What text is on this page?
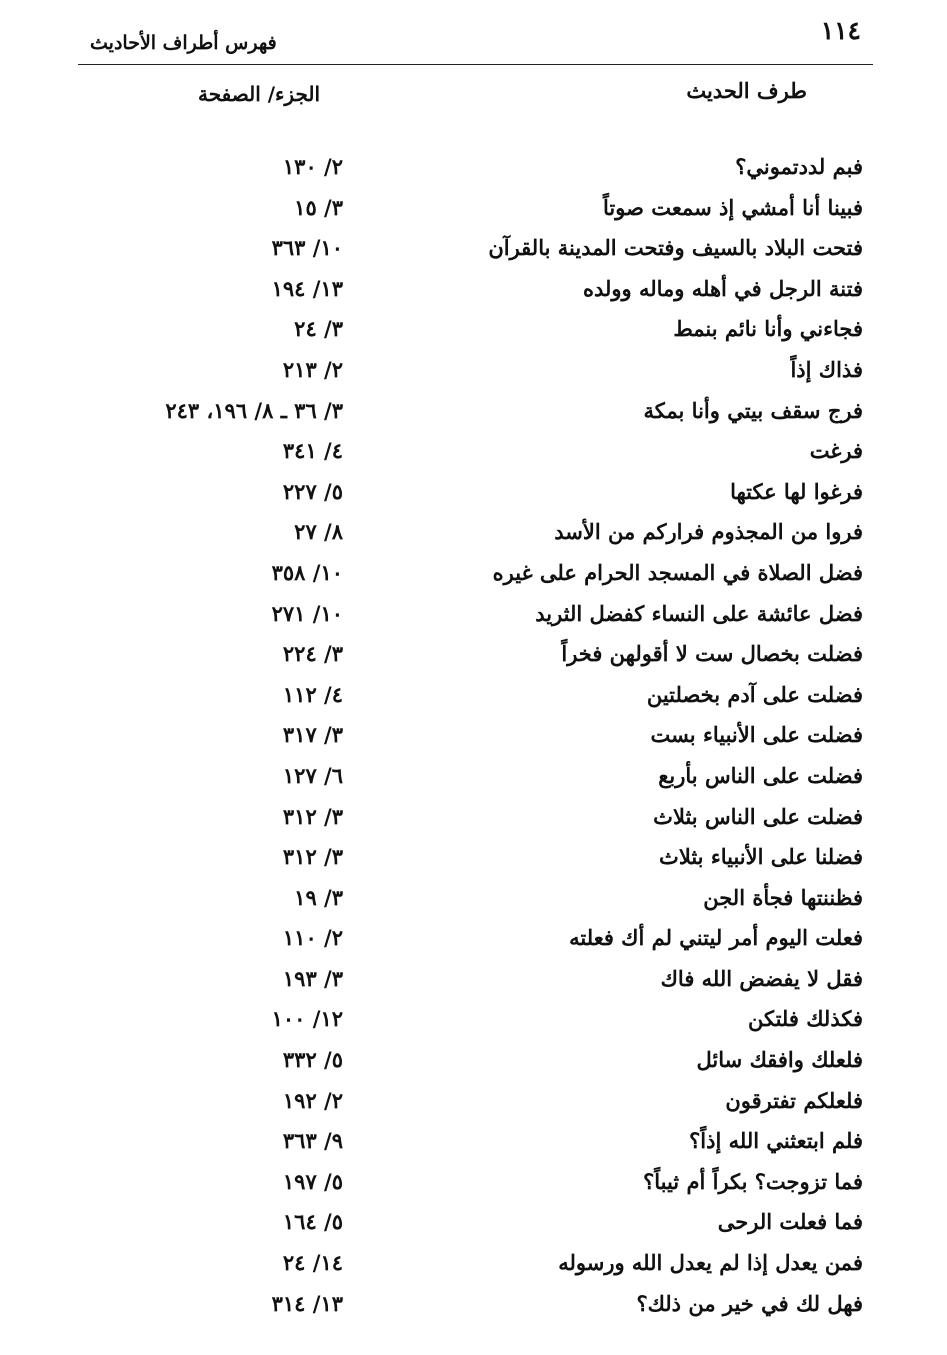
١١٤
فهرس أطراف الأحاديث
طرف الحديث
الجزء/ الصفحة
فبم لددتموني؟
٢/ ١٣٠
فبينا أنا أمشي إذ سمعت صوتاً
٣/ ١٥
فتحت البلاد بالسيف وفتحت المدينة بالقرآن
١٠/ ٣٦٣
فتنة الرجل في أهله وماله وولده
١٣/ ١٩٤
فجاءني وأنا نائم بنمط
٣/ ٢٤
فذاك إذاً
٢/ ٢١٣
فرج سقف بيتي وأنا بمكة
٣/ ٣٦ ـ ٨/ ١٩٦، ٢٤٣
فرغت
٤/ ٣٤١
فرغوا لها عكتها
٥/ ٢٢٧
فروا من المجذوم فراركم من الأسد
٨/ ٢٧
فضل الصلاة في المسجد الحرام على غيره
١٠/ ٣٥٨
فضل عائشة على النساء كفضل الثريد
١٠/ ٢٧١
فضلت بخصال ست لا أقولهن فخراً
٣/ ٢٢٤
فضلت على آدم بخصلتين
٤/ ١١٢
فضلت على الأنبياء بست
٣/ ٣١٧
فضلت على الناس بأربع
٦/ ١٢٧
فضلت على الناس بثلاث
٣/ ٣١٢
فضلنا على الأنبياء بثلاث
٣/ ٣١٢
فظننتها فجأة الجن
٣/ ١٩
فعلت اليوم أمر ليتني لم أك فعلته
٢/ ١١٠
فقل لا يفضض الله فاك
٣/ ١٩٣
فكذلك فلتكن
١٢/ ١٠٠
فلعلك وافقك سائل
٥/ ٣٣٢
فلعلكم تفترقون
٢/ ١٩٢
فلم ابتعثني الله إذاً؟
٩/ ٣٦٣
فما تزوجت؟ بكراً أم ثيباً؟
٥/ ١٩٧
فما فعلت الرحى
٥/ ١٦٤
فمن يعدل إذا لم يعدل الله ورسوله
١٤/ ٢٤
فهل لك في خير من ذلك؟
١٣/ ٣١٤
